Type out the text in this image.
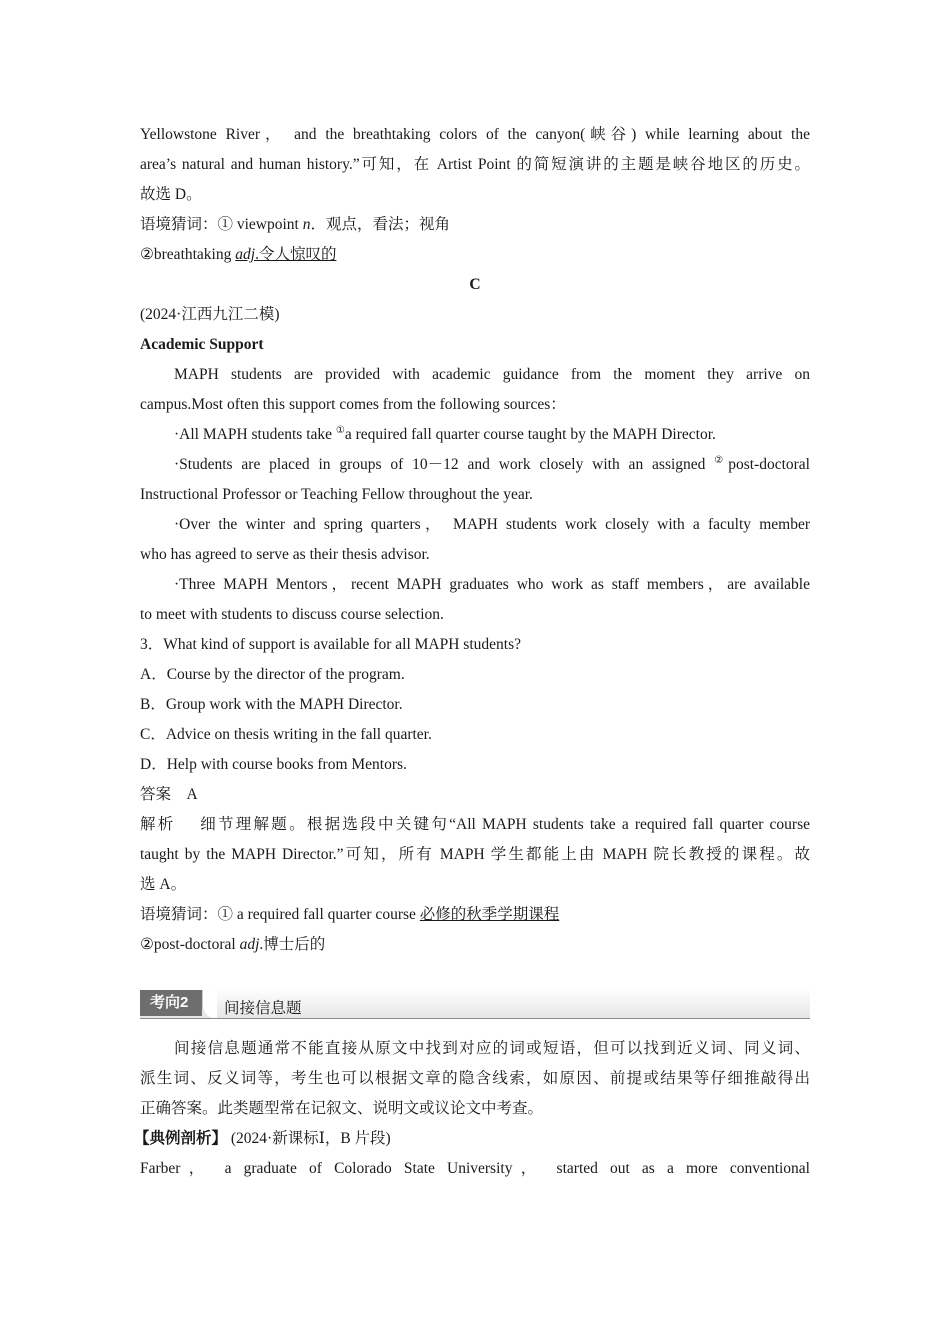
Yellowstone River， and the breathtaking colors of the canyon(峡谷) while learning about the

area’s natural and human history.”可知，在 Artist Point 的简短演讲的主题是峡谷地区的历史。

故选 D。

语境猜词：① viewpoint n．观点，看法；视角

②breathtaking adj.令人惊叹的

C

(2024·江西九江二模)

Academic Support

MAPH students are provided with academic guidance from the moment they arrive on

campus.Most often this support comes from the following sources：

·All MAPH students take ①a required fall quarter course taught by the MAPH Director.

·Students are placed in groups of 10－12 and work closely with an assigned ②post-doctoral

Instructional Professor or Teaching Fellow throughout the year.

·Over the winter and spring quarters， MAPH students work closely with a faculty member

who has agreed to serve as their thesis advisor.

·Three MAPH Mentors，recent MAPH graduates who work as staff members，are available

to meet with students to discuss course selection.

3．What kind of support is available for all MAPH students?

A．Course by the director of the program.

B．Group work with the MAPH Director.

C．Advice on thesis writing in the fall quarter.

D．Help with course books from Mentors.

答案 A

解析 细节理解题。根据选段中关键句“All MAPH students take a required fall quarter course

taught by the MAPH Director.”可知，所有 MAPH 学生都能上由 MAPH 院长教授的课程。故

选 A。

语境猜词：① a required fall quarter course 必修的秋季学期课程

②post-doctoral adj.博士后的

考向2	间接信息题

间接信息题通常不能直接从原文中找到对应的词或短语，但可以找到近义词、同义词、

派生词、反义词等，考生也可以根据文章的隐含线索，如原因、前提或结果等仔细推敲得出

正确答案。此类题型常在记叙文、说明文或议论文中考查。

【典例剖析】 (2024·新课标Ⅰ，B 片段)

Farber， a graduate of Colorado State University， started out as a more conventional
